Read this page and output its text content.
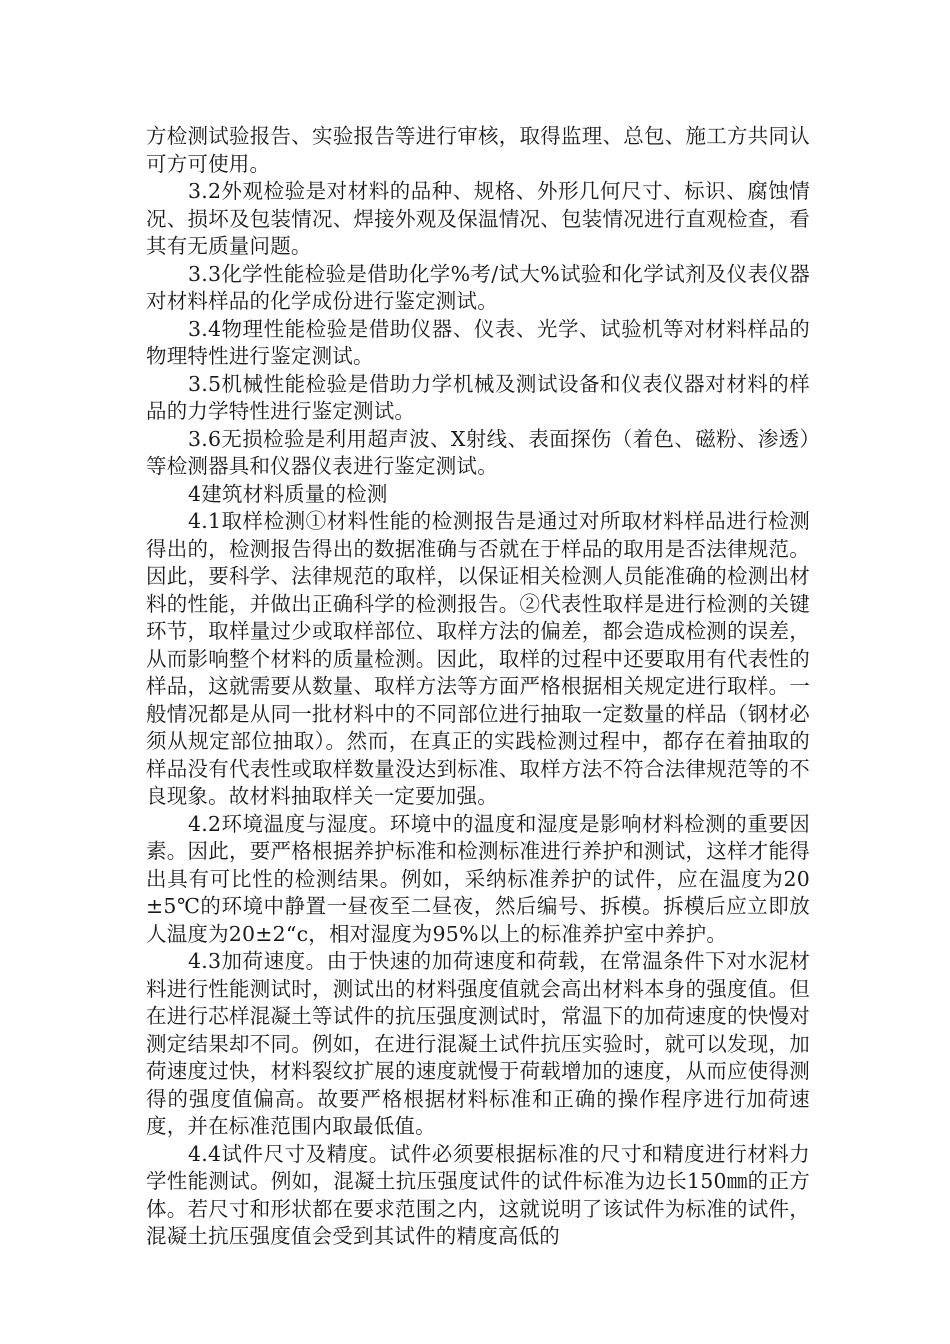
方检测试验报告、实验报告等进行审核，取得监理、总包、施工方共同认可方可使用。

3.2外观检验是对材料的品种、规格、外形几何尺寸、标识、腐蚀情况、损坏及包装情况、焊接外观及保温情况、包装情况进行直观检查，看其有无质量问题。

3.3化学性能检验是借助化学%考/试大%试验和化学试剂及仪表仪器对材料样品的化学成份进行鉴定测试。

3.4物理性能检验是借助仪器、仪表、光学、试验机等对材料样品的物理特性进行鉴定测试。

3.5机械性能检验是借助力学机械及测试设备和仪表仪器对材料的样品的力学特性进行鉴定测试。

3.6无损检验是利用超声波、X射线、表面探伤（着色、磁粉、渗透）等检测器具和仪器仪表进行鉴定测试。

4建筑材料质量的检测

4.1取样检测①材料性能的检测报告是通过对所取材料样品进行检测得出的，检测报告得出的数据准确与否就在于样品的取用是否法律规范。因此，要科学、法律规范的取样，以保证相关检测人员能准确的检测出材料的性能，并做出正确科学的检测报告。②代表性取样是进行检测的关键环节，取样量过少或取样部位、取样方法的偏差，都会造成检测的误差，从而影响整个材料的质量检测。因此，取样的过程中还要取用有代表性的样品，这就需要从数量、取样方法等方面严格根据相关规定进行取样。一般情况都是从同一批材料中的不同部位进行抽取一定数量的样品（钢材必须从规定部位抽取）。然而，在真正的实践检测过程中，都存在着抽取的样品没有代表性或取样数量没达到标准、取样方法不符合法律规范等的不良现象。故材料抽取样关一定要加强。

4.2环境温度与湿度。环境中的温度和湿度是影响材料检测的重要因素。因此，要严格根据养护标准和检测标准进行养护和测试，这样才能得出具有可比性的检测结果。例如，采纳标准养护的试件，应在温度为20±5℃的环境中静置一昼夜至二昼夜，然后编号、拆模。拆模后应立即放人温度为20±2“c，相对湿度为95%以上的标准养护室中养护。

4.3加荷速度。由于快速的加荷速度和荷载，在常温条件下对水泥材料进行性能测试时，测试出的材料强度值就会高出材料本身的强度值。但在进行芯样混凝土等试件的抗压强度测试时，常温下的加荷速度的快慢对测定结果却不同。例如，在进行混凝土试件抗压实验时，就可以发现，加荷速度过快，材料裂纹扩展的速度就慢于荷载增加的速度，从而应使得测得的强度值偏高。故要严格根据材料标准和正确的操作程序进行加荷速度，并在标准范围内取最低值。

4.4试件尺寸及精度。试件必须要根据标准的尺寸和精度进行材料力学性能测试。例如，混凝土抗压强度试件的试件标准为边长150㎜的正方体。若尺寸和形状都在要求范围之内，这就说明了该试件为标准的试件，混凝土抗压强度值会受到其试件的精度高低的
